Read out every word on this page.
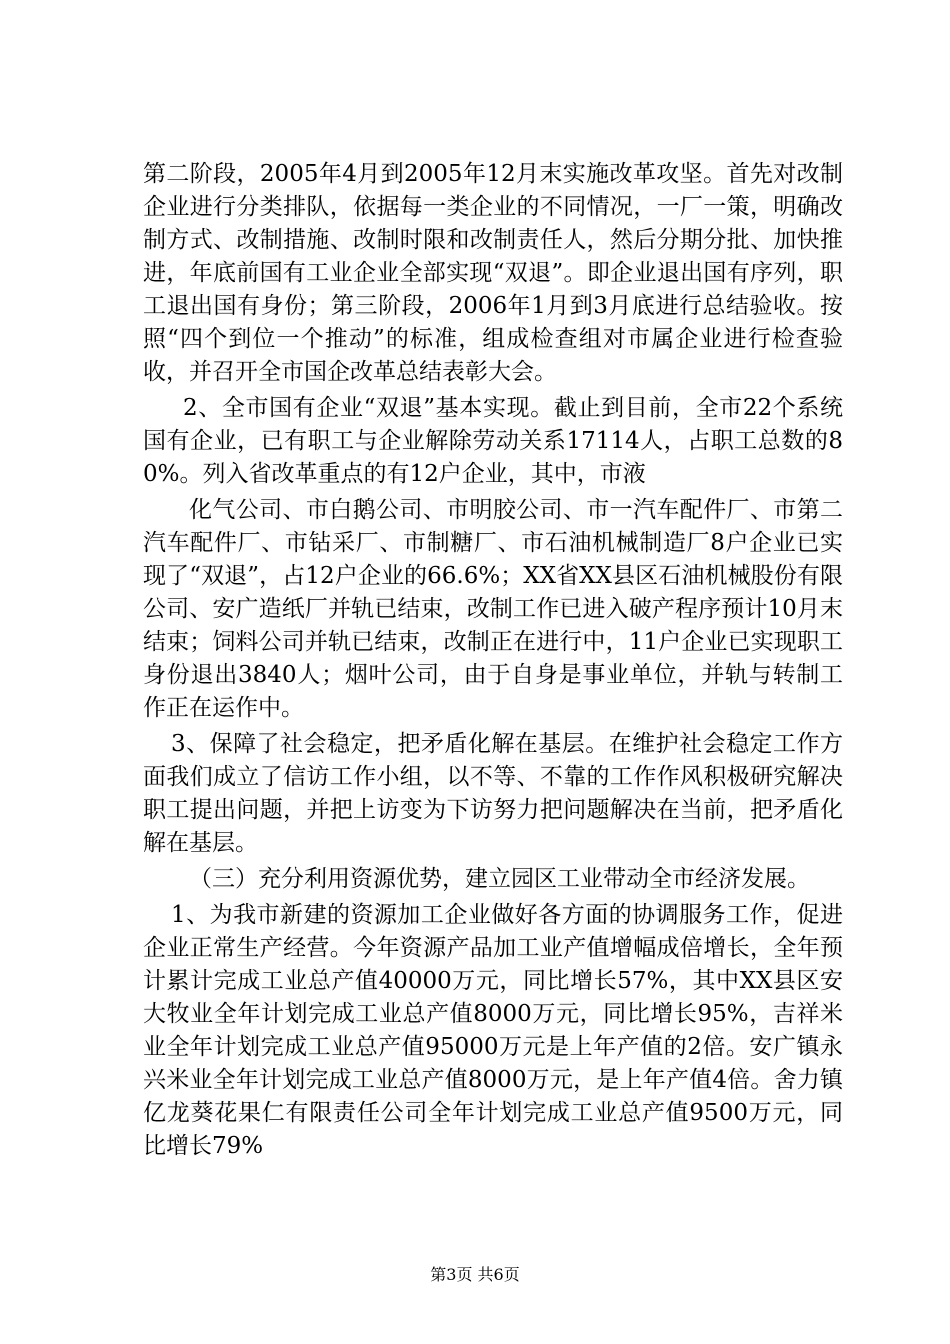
第二阶段，2005年4月到2005年12月末实施改革攻坚。首先对改制企业进行分类排队，依据每一类企业的不同情况，一厂一策，明确改制方式、改制措施、改制时限和改制责任人，然后分期分批、加快推进，年底前国有工业企业全部实现“双退”。即企业退出国有序列，职工退出国有身份；第三阶段，2006年1月到3月底进行总结验收。按照“四个到位一个推动”的标准，组成检查组对市属企业进行检查验收，并召开全市国企改革总结表彰大会。

2、全市国有企业“双退”基本实现。截止到目前，全市22个系统国有企业，已有职工与企业解除劳动关系17114人，占职工总数的80%。列入省改革重点的有12户企业，其中，市液

化气公司、市白鹅公司、市明胶公司、市一汽车配件厂、市第二汽车配件厂、市钻采厂、市制糖厂、市石油机械制造厂8户企业已实现了“双退”，占12户企业的66.6%；XX省XX县区石油机械股份有限公司、安广造纸厂并轨已结束，改制工作已进入破产程序预计10月末结束；饲料公司并轨已结束，改制正在进行中，11户企业已实现职工身份退出3840人；烟叶公司，由于自身是事业单位，并轨与转制工作正在运作中。

3、保障了社会稳定，把矛盾化解在基层。在维护社会稳定工作方面我们成立了信访工作小组，以不等、不靠的工作作风积极研究解决职工提出问题，并把上访变为下访努力把问题解决在当前，把矛盾化解在基层。

（三）充分利用资源优势，建立园区工业带动全市经济发展。

1、为我市新建的资源加工企业做好各方面的协调服务工作，促进企业正常生产经营。今年资源产品加工业产值增幅成倍增长，全年预计累计完成工业总产值40000万元，同比增长57%，其中XX县区安大牧业全年计划完成工业总产值8000万元，同比增长95%，吉祥米业全年计划完成工业总产值95000万元是上年产值的2倍。安广镇永兴米业全年计划完成工业总产值8000万元，是上年产值4倍。舍力镇亿龙葵花果仁有限责任公司全年计划完成工业总产值9500万元，同比增长79%

第3页 共6页
